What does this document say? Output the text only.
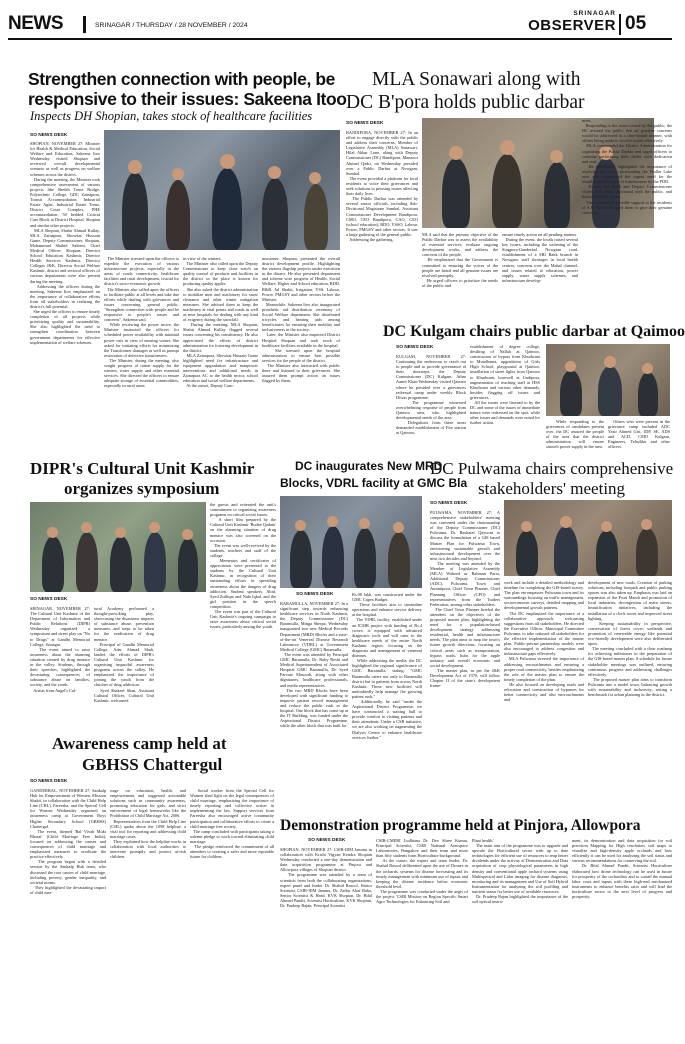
NEWS	SRINAGAR / THURSDAY / 28 NOVEMBER / 2024
SRINAGAR
OBSERVER 05
Strengthen connection with people, be
responsive to their issues: Sakeena Itoo
Inspects DH Shopian, takes stock of healthcare facilities
SO NEWS DESK
SHOPIAN, NOVEMBER 27: Minister for Health & Medical Education, Social Welfare and Education, Sakeena Itoo Wednesday visited Shopian and reviewed overall developmental scenario as well as progress on welfare schemes across the district.
During the meeting, the Minister took comprehensive assessment of various projects like Sheikh Trenz Bridge, Polytechnic College, GDC Zainapora, Transit Accommodation, Industrial Estate Aglar, Industrial Estate Trenz, District Court Complex, PHE accommodation, 50 bedded Critical Care Block at District Hospital, Shopian and similar other projects.
MLA Shopian, Shabir Ahmad Kullay, MLA Zainapora, Showkat Hussain Ganie, Deputy Commissioner, Shopian, Mohammad Shahid Saleem, Chief Medical Officer, Shopian; Director School Education Kashmir, Director Health Services Kashmir, Director Colleges J&K, Director Social Welfare Kashmir, district and sectoral officers of various departments were also present during the meeting.
Addressing the officers during the meeting, Sakeena Itoo emphasized on the importance of collaborative efforts from all stakeholders in realizing the district's full potential.
She urged the officers to ensure timely completion of all projects while prioritizing quality and sustainability. She also highlighted the need to strengthen coordination between government departments for effective implementation of welfare schemes.
The Minister stressed upon the officers to expedite the execution of various infrastructure projects, especially in the areas of roads connectivity, healthcare facilities and rural development, crucial for district's socio-economic growth.
The Minister also called upon the officers to facilitate public at all levels and take due efforts while dealing with grievances and issues concerning general public. "Strengthen connection with people and be responsive to people's issues and concerns", Sakeena said.
While reviewing the power sector, the Minister instructed the officers for scheduled power availability with minimal power cuts in view of ensuing winter. She asked for initiating efforts for minimizing the Transformer damages as well as prompt restoration of defective transformers.
The Minister, during the meeting, also sought progress of ration supply for the winters, water supply and other essential services. She directed the officers to ensure adequate storage of essential commodities, especially in rural areas
in view of the winters.
The Minister also called upon the Deputy Commissioner to keep close watch on quality control of products and facilities in the district so the place is known for producing quality apples.
She also asked the district administration to mobilize men and machinery for snow clearance and other winter mitigation measures. She advised them to keep the machinery at vital points and roads as well as near hospitals for dealing with any kind of exigency during the snowfall.
During the meeting, MLA Shopian, Shabir Ahmad Kullay flagged several issues concerning his constituency. He also appreciated the efforts of district administration for fostering development in the district.
MLA Zainapora, Showkat Hussain Ganie highlighted need for infrastructure and equipment upgradation and manpower interventions and additional needs in Zainapora AC to the health sector, school education and social welfare departments.
At the outset, Deputy Com-
missioner, Shopian, presented the overall district development profile. Highlighting the various flagship projects under execution in the district. He also presented department and scheme wise progress of Health, Social Welfare, Higher and School education, RDD, R&B, Jal Shakti, Irrigation, YSS, Labour, Power, PMGSY and other sectors before the Minister.
Meanwhile, Sakeena Itoo also inaugurated prosthetic aid distribution ceremony of Social Welfare department. She distributed tricycles and hearing aids among beneficiaries for ensuring their mobility and inclusiveness in the society.
Later, the Minister also inspected District Hospital Shopian and took stock of healthcare facilities available in the hospital.
She stressed upon the hospital administration to ensure best possible services for the people of the district.
The Minister also interacted with public there and listened to their grievances. She assured them prompt action on issues flagged by them.
MLA Sonawari along with
DC B'pora holds public darbar
SO NEWS DESK
BANDIPORA, NOVEMBER 27: In an effort to engage directly with the public and address their concerns, Member of Legislative Assembly (MLA) Sonawari, Hilal Akbar Lone, along with Deputy Commissioner (DC) Bandipora, Manzoor Ahmad Qadri, on Wednesday presided over a Public Darbar at Nowgam, Sumbal.
The event provided a platform for local residents to voice their grievances and seek solutions to pressing issues affecting their daily lives.
The Public Darbar was attended by several senior officials, including Sub-Divisional Magistrate Sumbal, Assistant Commissioner Development Bandipora, CMO, CEO Bandipora, CAO, CEO (school education), BDO, YSSO, Labour, Power, PMGSY and other sectors. It saw a large gathering of the general public.
Addressing the gathering,
MLA said that the primary objective of the Public Darbar was to assess the availability of essential services, evaluate ongoing development works, and address the concerns of the people.
He emphasized that the Government is committed to ensuring the voices of the people are heard and all genuine issues are resolved promptly.
He urged officers to prioritize the needs of the public and
ensure timely action on all pending matters.
During the event, the locals raised several key issues, including the widening of the Singpora-Ganderbal Nowgam road, establishment of a SBI Bank branch in Nowgam, staff shortages in local health centres, concerns over the Mahal channel, and issues related to education, power supply, water supply schemes, and infrastructure develop-
ment.
Responding to the issues raised by the public, the DC assured the public that all genuine concerns would be addressed in a time-bound manner, with efforts being made to resolve issues effectively.
MLA commended the District Administration for organizing the Public Darbar and urged officers to continue performing their duties with dedication and zeal.
He specifically highlighted the importance of resolving the issues surrounding the Wullar Lake area and emphasized the urgent need for the installation and repair of transformers by the PDD.
Earlier, the MLA and Deputy Commissioner visited S.K. Bala, interacted with the public, and listened to their issues.
They assured all possible support to the residents of S.K. Bala and urged them to give their genuine concerns.
DC Kulgam chairs public darbar at Qaimoo
SO NEWS DESK
KULGAM, NOVEMBER 27: Continuing the endeavour to reach out to people and to provide governance at their doorsteps, the Deputy Commissioner (DC) Kulgam, Athar Aamir Khan Wednesday visited Qaimoo where he presided over a grievances redressal camp under weekly Block Diwas programme.
The programme witnessed overwhelming response of people from Qaimoo area, who highlighted developmental needs of the area.
Delegations from these areas demanded establishment of Fire station at Qaimoo,
establishment of degree college, desilting of Nallah at Qaimoo, construction of bypass from Khudwani to Mutalhama, upgradation of Girls High School, playground at Qaimoo, installation of street lights from Qaimoo to Khudwani, borewell at Gudipora, augmentation of teaching staff at HSS Khudwani and various other demands, besides flagging off issues and grievances.
All the issues were listened to by the DC and some of the issues of immediate nature were redressed on the spot, while other issues and demands were noted for further action.	While responding to the grievances of candidates present over, the DC assured the people of the area that the district administration will ensure smooth power supply in the area.
Others who were present in the grievance camp included ADC Yasir Ahmed Giri, JDP, SE, ADS and ACD, CMO Kulgam, Engineers, Tehsildar and other officers.
DIPR's Cultural Unit Kashmir
organizes symposium
SO NEWS DESK
SRINAGAR, NOVEMBER 27: The Cultural Unit Kashmir of the Department of Information and Public Relations (DIPR) Wednesday organized a symposium and street play on "No to Drugs" at Gandhi Memorial College, Srinagar.
The event aimed to raise awareness about the alarming situation created by drug menace in the valley. Students, through their speeches, highlighted the devastating consequences of substance abuse on families, society, and the youth.
Artists from Angel's Cul-
tural Academy performed a thought-provoking play, showcasing the disastrous impacts of substance abuse, prevention measures, and steps to be taken for the eradication of drug menace.
Principal of Gandhi Memorial College, Adar Ahmad Shah, lauded the efforts of DIPR's Cultural Unit Kashmir for organising impactful awareness programs across the valley. He emphasized the importance of joining the youth from the clutches of drug addiction.
Syed Shakeel Shan, Assistant Cultural Officer, Cultural Unit Kashmir, welcomed
the guests and reiterated the unit's commitment to organizing awareness programs on critical social issues.
A short film prepared by the Cultural Unit Kashmir 'Bodne Qadam' on the alarming situation of drug menace was also screened on the occasion.
The event was well-received by the students, teachers and staff of the college.
Mementos and certificates of appreciation were presented to the students by the Cultural Unit Kashmir, in recognition of their outstanding efforts in spreading awareness about the dangers of drug addiction. Student speakers, Abid, Syed Zulfiqar and Nida Iqbal, and the girl position in the speech competition.
The event was part of the Cultural Unit Kashmir's ongoing campaign to raise awareness about critical social issues, particularly among the youth.
DC inaugurates New MRD
Blocks, VDRL facility at GMC Bla
SO NEWS DESK
BARAMULLA, NOVEMBER 27: In a significant step towards enhancing healthcare services in North Kashmir, the Deputy Commissioner (DC) Baramulla, Minga Sherpa, Wednesday inaugurated two new Medical Records Department (MRD) Blocks and a state-of-the-art Venereal Disease Research Laboratory (VDRL) at Government Medical College (GMC) Baramulla.
The event was attended by Principal GMC Baramulla, Dr. Ruby Reshi and Medical Superintendent of Associated Hospital GMC Baramulla, Dr. Syed Parvaiz Masoodi, along with other dignitaries, healthcare professionals, and media representatives.
The two MRD Blocks have been developed with significant funding to improve patient record management and reduce the public rush at the hospital. One block that has come up at the IT Building, was funded under the Aspirational District Programme, while the other block that was built for
Rs.98 lakh, was constructed under the GMC Capex Budget.
These facilities aim to streamline operations and enhance service delivery at the hospital.
The VDRL facility, established under an ICMR project with funding of Rs.4 crores, is equipped with advanced diagnostic tools and will cater to the healthcare needs of the entire North Kashmir region, focusing on the diagnosis and management of venereal diseases.
While addressing the media, the DC highlighted the regional significance of GMC Baramulla, stating: "GMC Baramulla caters not only to Baramulla district but to patients from across North Kashmir. These new facilities will undoubtedly help manage the growing patient rush."
Additionally, he said "under the Aspirational District Programme, we have constructed a waiting hall to provide comfort to visiting patients and their attendants. Under a CSR initiative, we are also working on augmenting the Dialysis Centre to enhance healthcare services further."
DC Pulwama chairs comprehensive
stakeholders' meeting
SO NEWS DESK
PULWAMA, NOVEMBER 27: A comprehensive stakeholders' meeting was convened under the chairmanship of the Deputy Commissioner (DC) Pulwama, Dr. Basharat Qayoom to discuss the formulation of a GIS based Master Plan for Pulwama Town, envisioning sustainable growth and infrastructural development over the next two decades and beyond.
The meeting was attended by the Member of Legislative Assembly (MLA) Waheed ur Rahman Parra, Additional Deputy Commissioner (ADC), Pulwama, Town and Awantipora, Chief Town Planner, Chief Planning Officer (CPO) and representatives from the Traders Federation, among other stakeholders.
The Chief Town Planner briefed the attendees on the objectives of the proposed master plan, highlighting the need for a population-based development strategy addressing residential, health and infrastructure needs. The plan aims to map the town's future growth directions, focusing on critical areas such as transportation, bypass roads, hubs for the apple industry and overall economic and social development.
The master plan, as per the J&K Development Act of 1970, will follow Chapter II of the state's development frame-
work and include a detailed methodology and timeline for completing the GIS-based survey. The plan encompasses Pulwama town and its surroundings focusing on traffic management, socioeconomic surveys, detailed mapping and developmental growth patterns.
The DC emphasized the importance of a collaborative approach, welcoming suggestions from all stakeholders. He directed the Executive Officer, Municipal Committee Pulwama, to take onboard all stakeholders for the effective implementation of the master plan. Public-private partnership models were also encouraged to address congestion and infrastructure gaps effectively.
MLA Pulwama stressed the importance of addressing encroachments and ensuring a proper road connectivity, besides emphasizing the role of the master plan to ensure the timely completion of the plan.
He also focused on developing roads and relocation and construction of bypasses for better connectivity and also encroachments and
development of new roads. Creation of parking solutions, including footpath and public parking spaces was also taken up. Emphasis was laid on expansion of the Fruit Mandi and promotion of local industries, decongestion of main streets, beautification initiatives, including the installation of a clock tower and improved street lighting.
Keeping sustainability in perspective, conservation of forest cover, wetlands and promotion of renewable energy like potential eco-friendly development were also deliberated upon.
The meeting concluded with a clear roadmap for achieving milestones in the preparation of the GIS-based master plan. A schedule for future stakeholder meetings was outlined, ensuring continuous progress and addressing challenges effectively.
The proposed master plan aims to transform Pulwama into a model town, balancing growth with sustainability and inclusivity, setting a benchmark for urban planning in the district.
Awareness camp held at
GBHSS Chattergul
SO NEWS DESK
GANDERBAL, NOVEMBER 27: Sankalp Hub for Empowerment of Women, Mission Shakti, in collaboration with the Child Help Line (CHL), Fareesha, and the Special Cell for Women Wednesday organised an awareness camp at Government Boys Higher Secondary School (GBHSS) Chattergul.
The event, themed 'Bal Vivah Mukt Bharat' (Child Marriage Free India), focused on addressing the causes and consequences of child marriage and emphasized measures to eradicate the practice effectively.
The program began with a detailed session by the Sankalp Hub team, who discussed the root causes of child marriage, including poverty, gender inequality, and societal norms.
They highlighted the devastating impact of child mar-
riage on education, health, and empowerment and suggested actionable solutions such as community awareness, promoting education for girls, and strict enforcement of legal frameworks like the Prohibition of Child Marriage Act, 2006.
Representatives from the Child Help Line (CHL) spoke about the 1098 helpline, a vital tool for reporting and addressing child marriage cases.
They explained how the helpline works in collaboration with local authorities to intervene promptly and protect at-risk children.
Social worker from the Special Cell for Women shed light on the legal consequences of child marriage, emphasizing the importance of timely reporting and collective action in implementing the law. Support services from Fareesha also encouraged active community participation and collaborative efforts to create a child marriage free society.
The camp concluded with participants taking a solemn pledge to work toward eliminating child marriage.
The pledge reinforced the commitment of all attendees to creating a safer and more equitable future for children.
Demonstration programme held at Pinjora, Allowpora
SO NEWS DESK
SHOPIAN, NOVEMBER 27: CSIR-IIIM Jammu in collaboration with Krishi Vigyan Kendra Shopian Wednesday conducted a one-day demonstration and data acquisition programme at Pinjora and Allowpora villages of Shopian district.
The programme was attended by a team of scientists from both the collaborating organizations, expert panel and leader Dr. Shahid Rasool, Senior Scientist, CSIR-IIIM Jammu, Dr. Zaffar Altaf Baba, Senior Scientist & Head, KVK Shopian, Dr. Bilal Ahmad Pandit, Scientist Horticulture, KVK Shopian, Dr. Pradeep Rajan, Principal Scientist
CSIR-CMERI Ludhiana Dr. Dev Shree Kumar, Principal Scientist, CSIR National Aerospace Laboratories, Bangalore and their team and more than fifty students from Horticulture background.
At the outset, the expert and team leader, Dr. Shahid Rasool deliberated upon the use of Drones in the orchards, systems for disease forecasting and its timely management with minimum use of inputs and keeping the disease incidence below economic threshold level.
The programme was conducted under the aegis of the project 'CSIR Mission on Region Specific Smart Agro Technologies for Enhancing Soil and
Plant health.'
The main aim of the programme was to upgrade and upscale the Horticultural sector with up to date technologies for efficient use of resources to reap better dividends under the activity of Demonstration and Data acquisition of crop physiological parameters in high density and conventional apple orchard systems using Multispectral and Lidar imaging for disease diagnosis, monitoring and its management and Use of Soil Hybrid Instrumentation for analyzing the soil profiling and nutrient status for better use of available resources.
Dr. Pradeep Rajan highlighted the importance of the soil optical instru-
ment, its demonstration and data acquisition for soil precision Mapping for High resolution, soil maps to visualize and high-density apple orchards and how efficiently it can be used for analyzing the soil status and various recommendations for conserving the soil.
Dr. Bilal Ahmad Pandit, Scientist Horticulture elaborated how drone technology can be used in future for prosperity of the orchardists and to curtail the manual labor costs and inputs with these high-end mechanized instruments to enhance benefits ratio and will lead the horticulture sector to the next level of progress and prosperity.
